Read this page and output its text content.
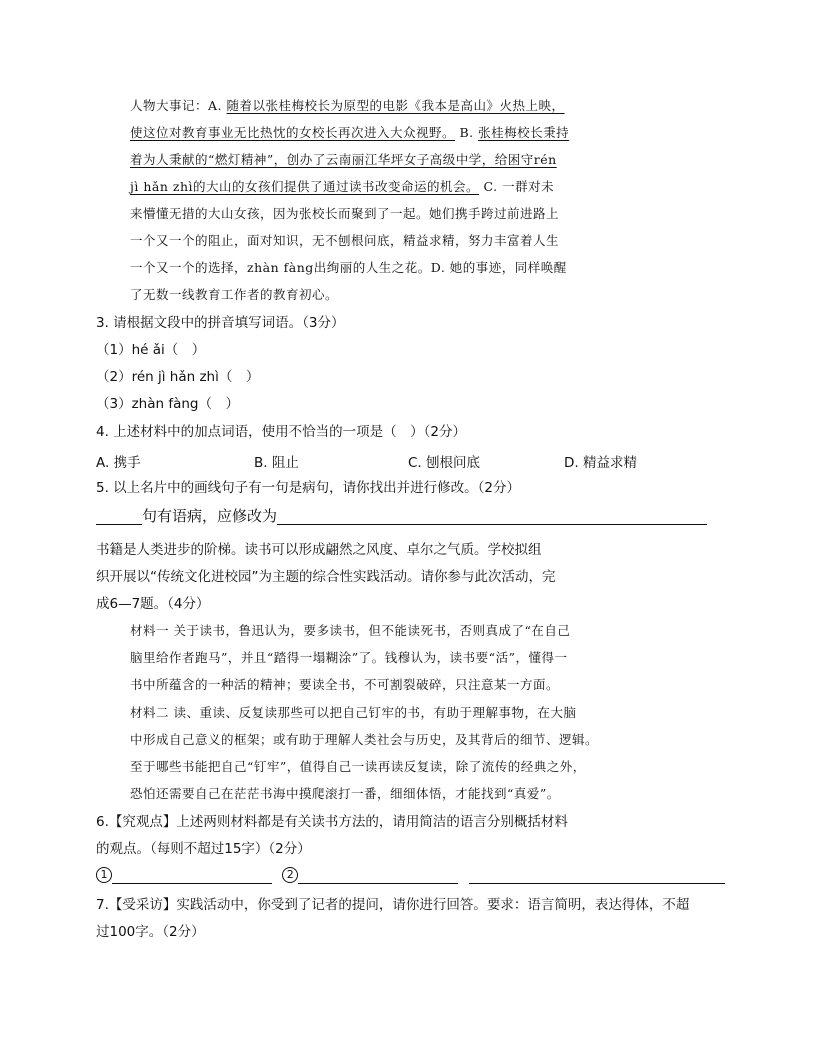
人物大事记：A. 随着以张桂梅校长为原型的电影《我本是高山》火热上映，
使这位对教育事业无比热忱的女校长再次进入大众视野。 B. 张桂梅校长秉持
着为人秉献的“燃灯精神”，创办了云南丽江华坪女子高级中学，给困守rén
jì hǎn zhì的大山的女孩们提供了通过读书改变命运的机会。 C. 一群对未
来懵懂无措的大山女孩，因为张校长而聚到了一起。她们携手跨过前进路上
一个又一个的阻止，面对知识，无不刨根问底，精益求精，努力丰富着人生
一个又一个的选择，zhàn fàng出绚丽的人生之花。D. 她的事迹，同样唤醒
了无数一线教育工作者的教育初心。
3. 请根据文段中的拼音填写词语。（3分）
（1）hé ǎi（　）
（2）rén jì hǎn zhì（　）
（3）zhàn fàng（　）
4. 上述材料中的加点词语，使用不恰当的一项是（　）（2分）
A. 携手	B. 阻止	C. 刨根问底	D. 精益求精
5. 以上名片中的画线句子有一句是病句，请你找出并进行修改。（2分）
句有语病，应修改为
书籍是人类进步的阶梯。读书可以形成翩然之风度、卓尔之气质。学校拟组
织开展以“传统文化进校园”为主题的综合性实践活动。请你参与此次活动，完
成6—7题。（4分）
材料一 关于读书，鲁迅认为，要多读书，但不能读死书，否则真成了“在自己
脑里给作者跑马”，并且“踏得一塌糊涂”了。钱穆认为，读书要“活”，懂得一
书中所蕴含的一种活的精神；要读全书，不可割裂破碎，只注意某一方面。
材料二 读、重读、反复读那些可以把自己钉牢的书，有助于理解事物，在大脑
中形成自己意义的框架；或有助于理解人类社会与历史，及其背后的细节、逻辑。
至于哪些书能把自己“钉牢”，值得自己一读再读反复读，除了流传的经典之外，
恐怕还需要自己在茫茫书海中摸爬滚打一番，细细体悟，才能找到“真爱”。
6.【究观点】上述两则材料都是有关读书方法的，请用简洁的语言分别概括材料
的观点。（每则不超过15字）（2分）
1	2
7.【受采访】实践活动中，你受到了记者的提问，请你进行回答。要求：语言简明，表达得体，不超
过100字。（2分）
